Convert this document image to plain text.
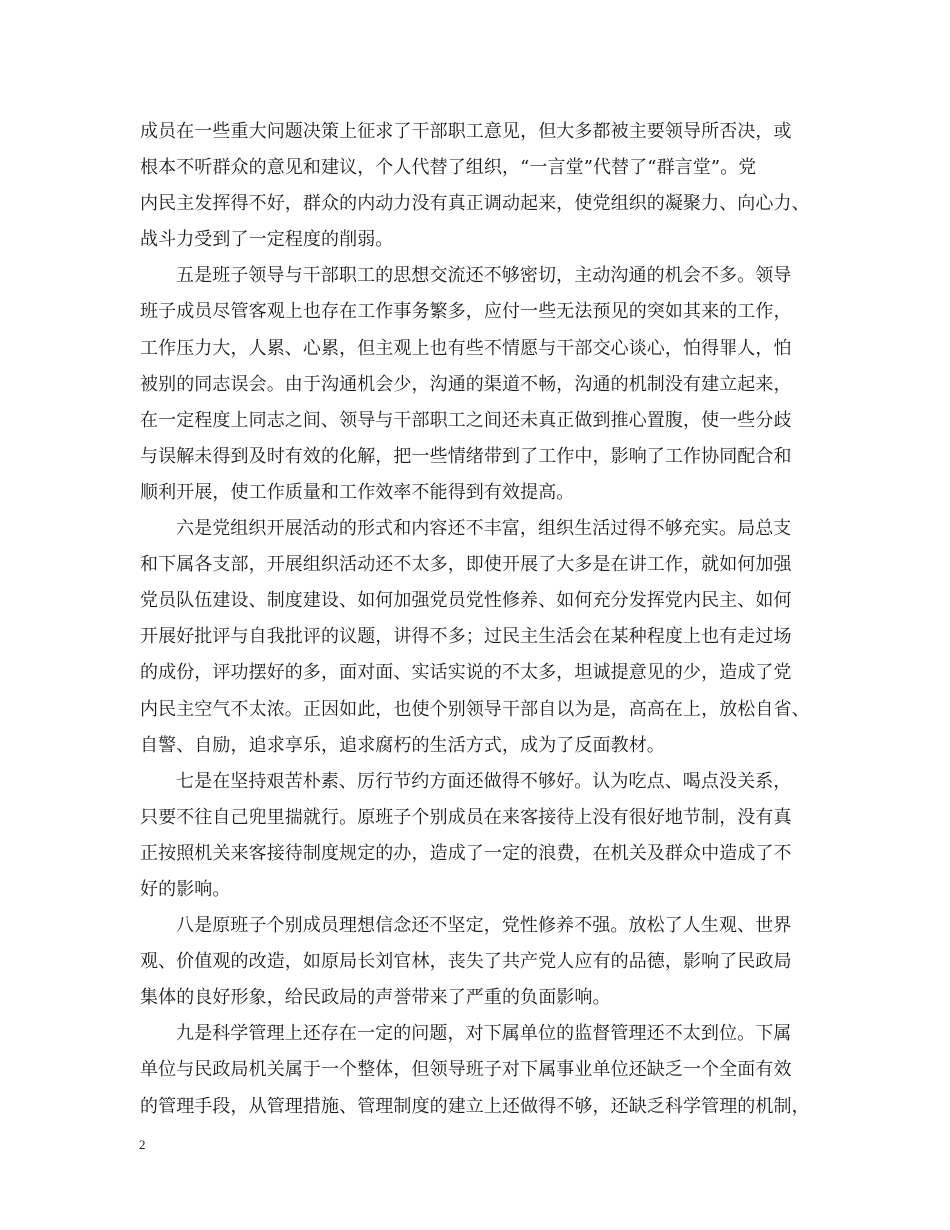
成员在一些重大问题决策上征求了干部职工意见，但大多都被主要领导所否决，或
根本不听群众的意见和建议，个人代替了组织，“一言堂”代替了“群言堂”。党
内民主发挥得不好，群众的内动力没有真正调动起来，使党组织的凝聚力、向心力、
战斗力受到了一定程度的削弱。
五是班子领导与干部职工的思想交流还不够密切，主动沟通的机会不多。领导
班子成员尽管客观上也存在工作事务繁多，应付一些无法预见的突如其来的工作，
工作压力大，人累、心累，但主观上也有些不情愿与干部交心谈心，怕得罪人，怕
被别的同志误会。由于沟通机会少，沟通的渠道不畅，沟通的机制没有建立起来，
在一定程度上同志之间、领导与干部职工之间还未真正做到推心置腹，使一些分歧
与误解未得到及时有效的化解，把一些情绪带到了工作中，影响了工作协同配合和
顺利开展，使工作质量和工作效率不能得到有效提高。
六是党组织开展活动的形式和内容还不丰富，组织生活过得不够充实。局总支
和下属各支部，开展组织活动还不太多，即使开展了大多是在讲工作，就如何加强
党员队伍建设、制度建设、如何加强党员党性修养、如何充分发挥党内民主、如何
开展好批评与自我批评的议题，讲得不多；过民主生活会在某种程度上也有走过场
的成份，评功摆好的多，面对面、实话实说的不太多，坦诚提意见的少，造成了党
内民主空气不太浓。正因如此，也使个别领导干部自以为是，高高在上，放松自省、
自警、自励，追求享乐，追求腐朽的生活方式，成为了反面教材。
七是在坚持艰苦朴素、厉行节约方面还做得不够好。认为吃点、喝点没关系，
只要不往自己兜里揣就行。原班子个别成员在来客接待上没有很好地节制，没有真
正按照机关来客接待制度规定的办，造成了一定的浪费，在机关及群众中造成了不
好的影响。
八是原班子个别成员理想信念还不坚定，党性修养不强。放松了人生观、世界
观、价值观的改造，如原局长刘官林，丧失了共产党人应有的品德，影响了民政局
集体的良好形象，给民政局的声誉带来了严重的负面影响。
九是科学管理上还存在一定的问题，对下属单位的监督管理还不太到位。下属
单位与民政局机关属于一个整体，但领导班子对下属事业单位还缺乏一个全面有效
的管理手段，从管理措施、管理制度的建立上还做得不够，还缺乏科学管理的机制，
2
